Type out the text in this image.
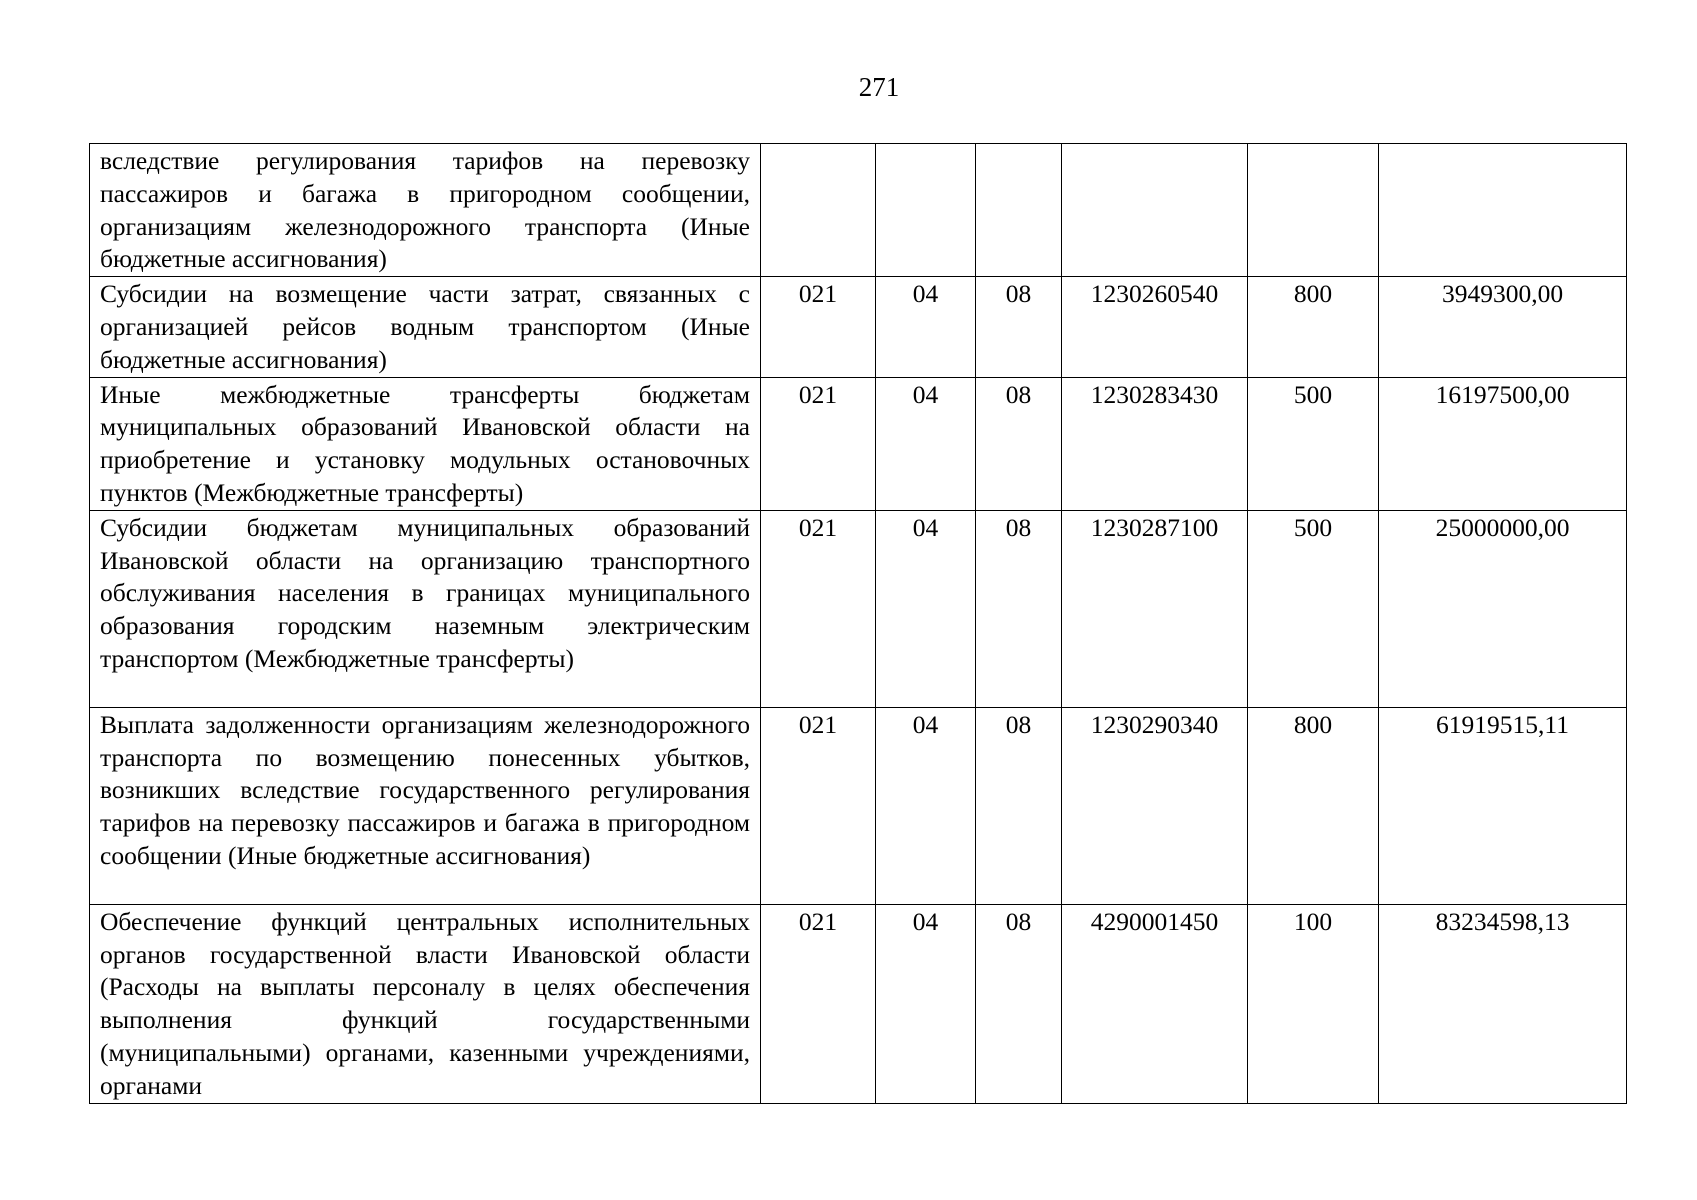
271
вследствие регулирования тарифов на перевозку пассажиров и багажа в пригородном сообщении, организациям железнодорожного транспорта (Иные бюджетные ассигнования)						
Субсидии на возмещение части затрат, связанных с организацией рейсов водным транспортом (Иные бюджетные ассигнования)	021	04	08	1230260540	800	3949300,00
Иные межбюджетные трансферты бюджетам муниципальных образований Ивановской области на приобретение и установку модульных остановочных пунктов (Межбюджетные трансферты)	021	04	08	1230283430	500	16197500,00
Субсидии бюджетам муниципальных образований Ивановской области на организацию транспортного обслуживания населения в границах муниципального образования городским наземным электрическим транспортом (Межбюджетные трансферты)	021	04	08	1230287100	500	25000000,00
Выплата задолженности организациям железнодорожного транспорта по возмещению понесенных убытков, возникших вследствие государственного регулирования тарифов на перевозку пассажиров и багажа в пригородном сообщении (Иные бюджетные ассигнования)	021	04	08	1230290340	800	61919515,11
Обеспечение функций центральных исполнительных органов государственной власти Ивановской области (Расходы на выплаты персоналу в целях обеспечения выполнения функций государственными (муниципальными) органами, казенными учреждениями, органами	021	04	08	4290001450	100	83234598,13
